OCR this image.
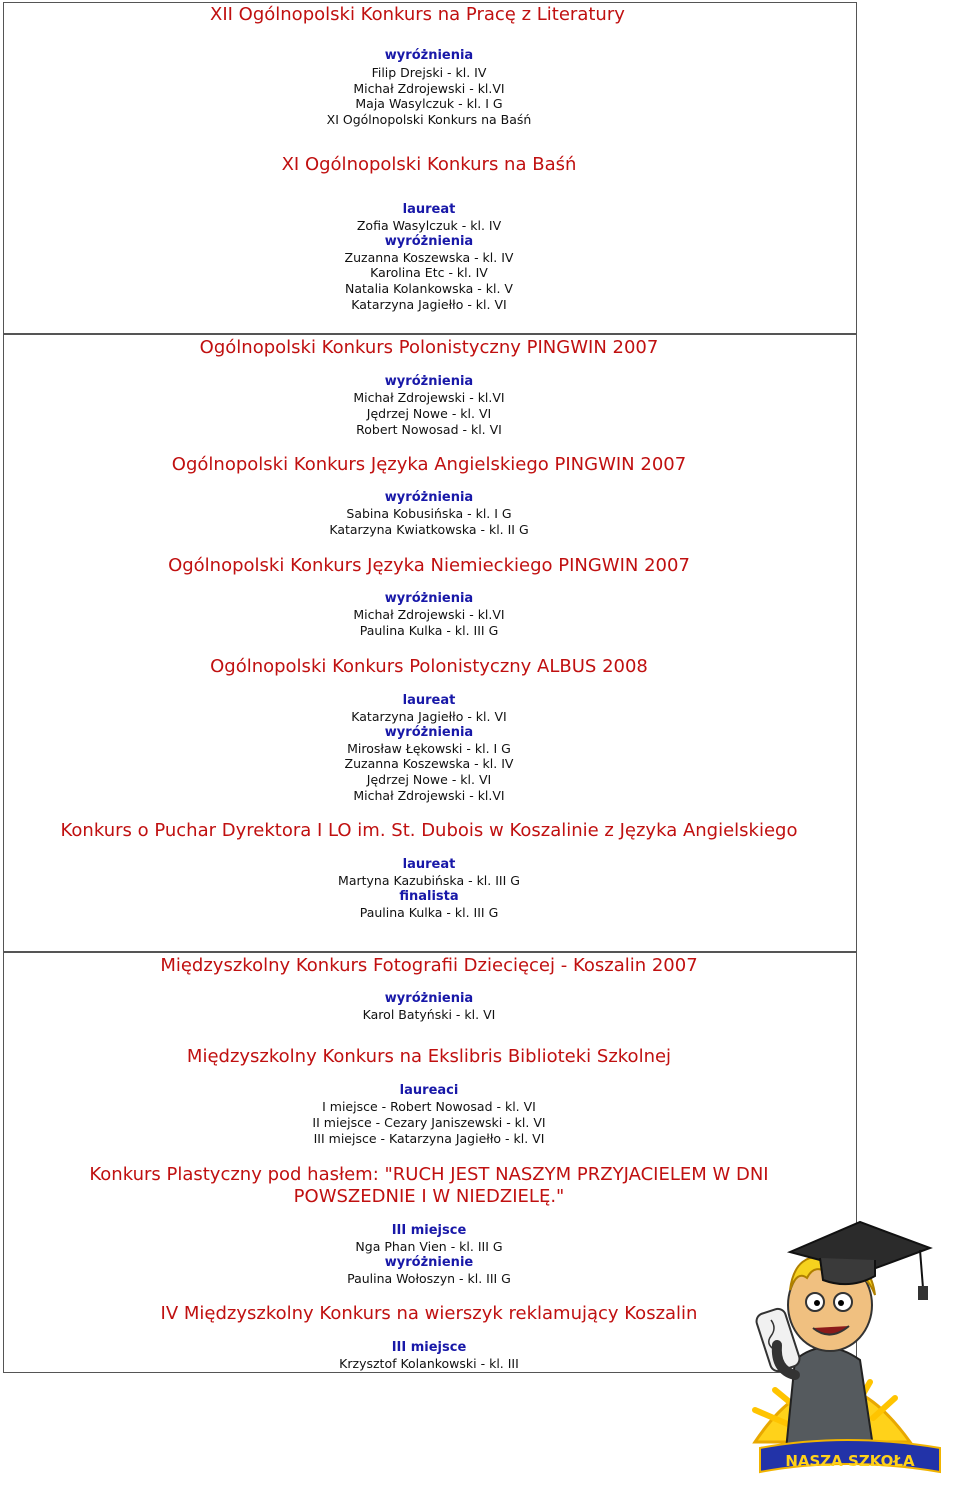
XII Ogólnopolski Konkurs na Pracę z Literatury
wyróżnienia
Filip Drejski - kl. IV
Michał Zdrojewski - kl.VI
Maja Wasylczuk - kl. I G
XI Ogólnopolski Konkurs na Baśń
XI Ogólnopolski Konkurs na Baśń
laureat
Zofia Wasylczuk - kl. IV
wyróżnienia
Zuzanna Koszewska - kl. IV
Karolina Etc - kl. IV
Natalia Kolankowska - kl. V
Katarzyna Jagiełło - kl. VI
Ogólnopolski Konkurs Polonistyczny PINGWIN 2007
wyróżnienia
Michał Zdrojewski - kl.VI
Jędrzej Nowe - kl. VI
Robert Nowosad - kl. VI
Ogólnopolski Konkurs Języka Angielskiego PINGWIN 2007
wyróżnienia
Sabina Kobusińska - kl. I G
Katarzyna Kwiatkowska - kl. II G
Ogólnopolski Konkurs Języka Niemieckiego PINGWIN 2007
wyróżnienia
Michał Zdrojewski - kl.VI
Paulina Kulka - kl. III G
Ogólnopolski Konkurs Polonistyczny ALBUS 2008
laureat
Katarzyna Jagiełło - kl. VI
wyróżnienia
Mirosław Łękowski - kl. I G
Zuzanna Koszewska - kl. IV
Jędrzej Nowe - kl. VI
Michał Zdrojewski - kl.VI
Konkurs o Puchar Dyrektora I LO im. St. Dubois w Koszalinie z Języka Angielskiego
laureat
Martyna Kazubińska - kl. III G
finalista
Paulina Kulka - kl. III G
Międzyszkolny Konkurs Fotografii Dziecięcej - Koszalin 2007
wyróżnienia
Karol Batyński - kl. VI
Międzyszkolny Konkurs na Ekslibris Biblioteki Szkolnej
laureaci
I miejsce - Robert Nowosad - kl. VI
II miejsce - Cezary Janiszewski - kl. VI
III miejsce - Katarzyna Jagiełło - kl. VI
Konkurs Plastyczny pod hasłem: "RUCH JEST NASZYM PRZYJACIELEM W DNI
POWSZEDNIE I W NIEDZIELĘ."
III miejsce
Nga Phan Vien - kl. III G
wyróżnienie
Paulina Wołoszyn - kl. III G
IV Międzyszkolny Konkurs na wierszyk reklamujący Koszalin
III miejsce
Krzysztof Kolankowski - kl. III
NASZA SZKOŁA
